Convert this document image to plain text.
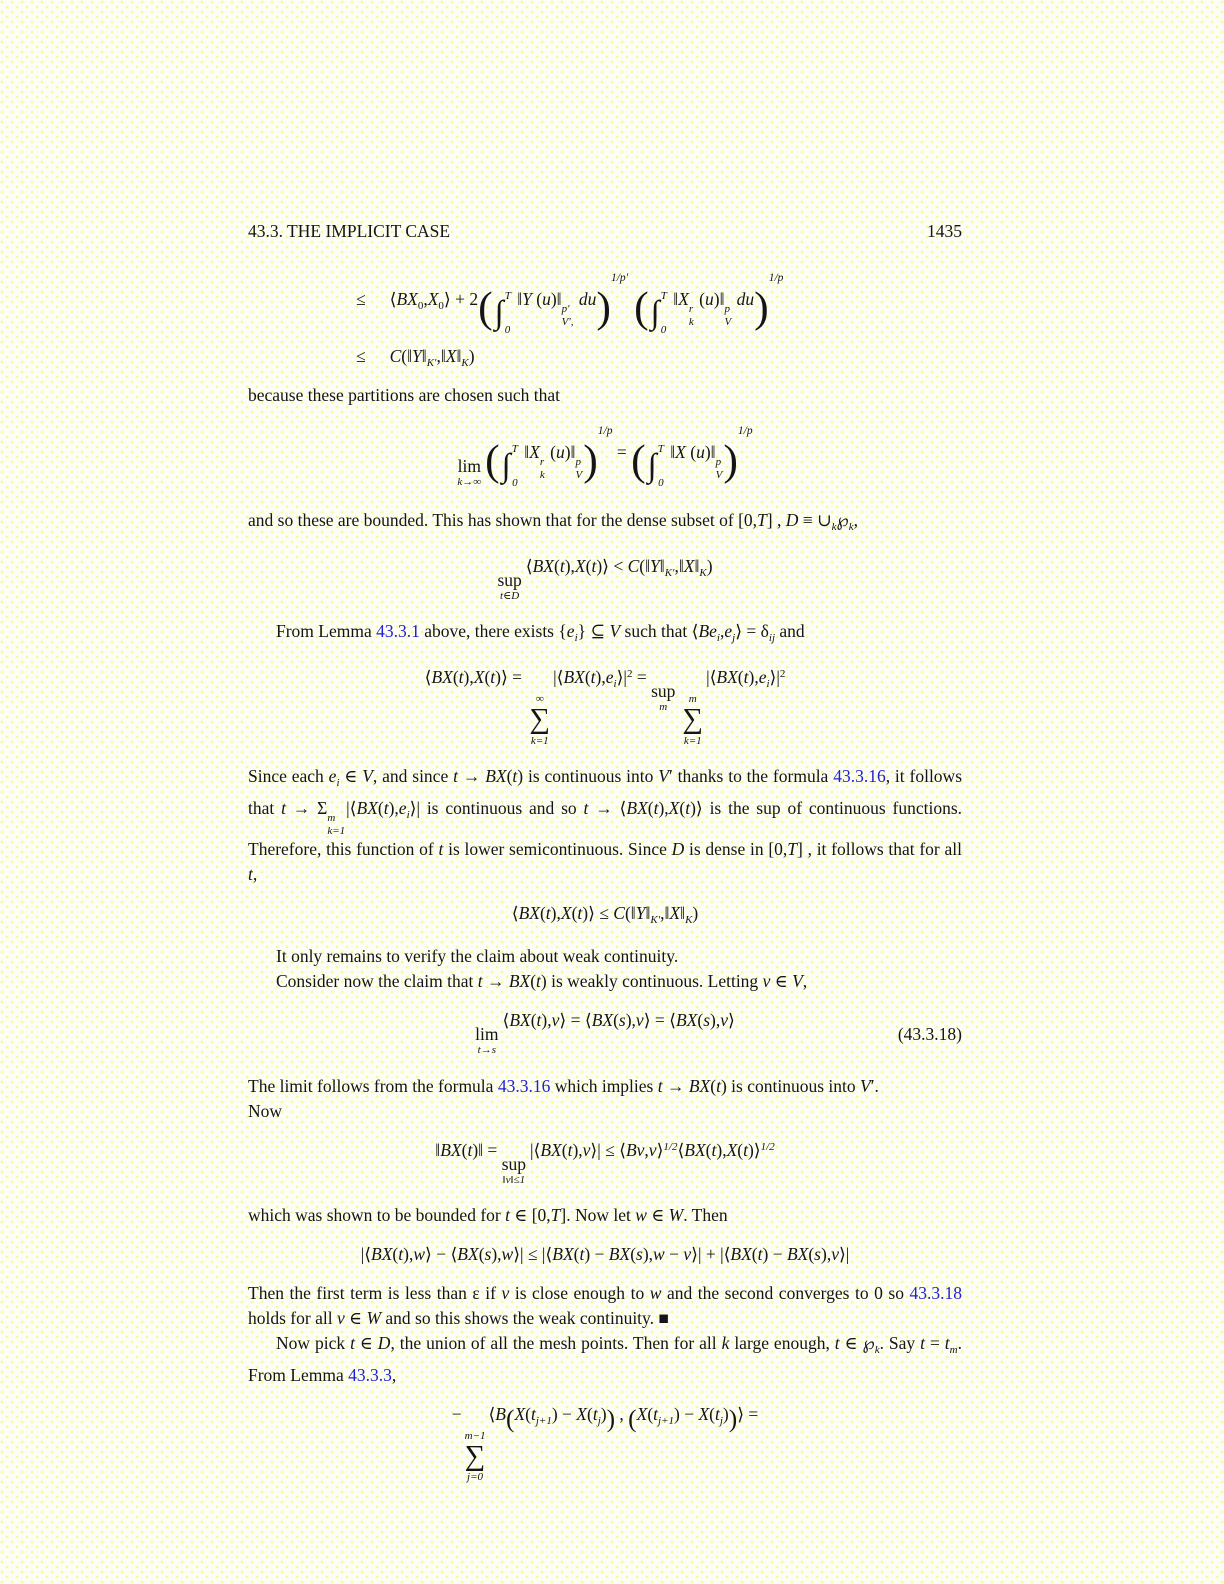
43.3. THE IMPLICIT CASE	1435
≤ $⟨BX_0,X_0⟩ + 2$( ∫ T
0
‖Y (u)‖ p′
V′,
du)$^{1/p'}$( ∫ T
0
‖X r
k
(u)‖ p
V
du)$^{1/p}$
≤ $C(‖Y‖_{K'},‖X‖_K)$
because these partitions are chosen such that
lim
k→∞ ( ∫ T
0
‖X r
k
(u)‖ p
V )$^{1/p}$ = ( ∫ T
0
‖X (u)‖ p
V )$^{1/p}$
and so these are bounded. This has shown that for the dense subset of [0,T] , $D \equiv \cup_k℘_k$,
sup
t∈D
⟨BX(t),X(t)⟩ < $C(‖Y‖_{K'},‖X‖_K)$
From Lemma 43.3.1 above, there exists $\{e_i\}$ ⊆ V such that $⟨Be_i,e_j⟩ = \delta_{ij}$ and
⟨BX(t),X(t)⟩ =
∞
∑
k=1
$|⟨BX(t),e_i⟩|^2$ =
sup
m
m
∑
k=1
$|⟨BX(t),e_i⟩|^2$
Since each $e_i$ ∈ V, and since t → BX(t) is continuous into V′ thanks to the formula 43.3.16, it follows that t → Σ m
k=1
$|⟨BX(t),e_i⟩|$ is continuous and so t → ⟨BX(t),X(t)⟩ is the sup of continuous functions. Therefore, this function of t is lower semicontinuous. Since D is dense in [0,T] , it follows that for all t,
⟨BX(t),X(t)⟩ ≤ $C(‖Y‖_{K'},‖X‖_K)$
It only remains to verify the claim about weak continuity.
Consider now the claim that t → BX(t) is weakly continuous. Letting v ∈ V,
lim
t→s
⟨BX(t),v⟩ = ⟨BX(s),v⟩ = ⟨BX(s),v⟩
(43.3.18)
The limit follows from the formula 43.3.16 which implies t → BX(t) is continuous into V′.
Now
‖BX(t)‖ =
sup
‖v‖≤1
|⟨BX(t),v⟩| ≤ ⟨Bv,v⟩$^{1/2}$⟨BX(t),X(t)⟩$^{1/2}$
which was shown to be bounded for t ∈ [0,T]. Now let w ∈ W. Then
|⟨BX(t),w⟩ − ⟨BX(s),w⟩| ≤ |⟨BX(t) − BX(s),w − v⟩| + |⟨BX(t) − BX(s),v⟩|
Then the first term is less than ε if v is close enough to w and the second converges to 0 so 43.3.18 holds for all v ∈ W and so this shows the weak continuity. ■
Now pick t ∈ D, the union of all the mesh points. Then for all k large enough, t ∈ $℘_k$. Say $t = t_m$. From Lemma 43.3.3,
−
m−1
∑
j=0
$⟨B(X(t_{j+1}) - X(t_j))$ , ($X(t_{j+1})$ − $X(t_j))⟩$ =
